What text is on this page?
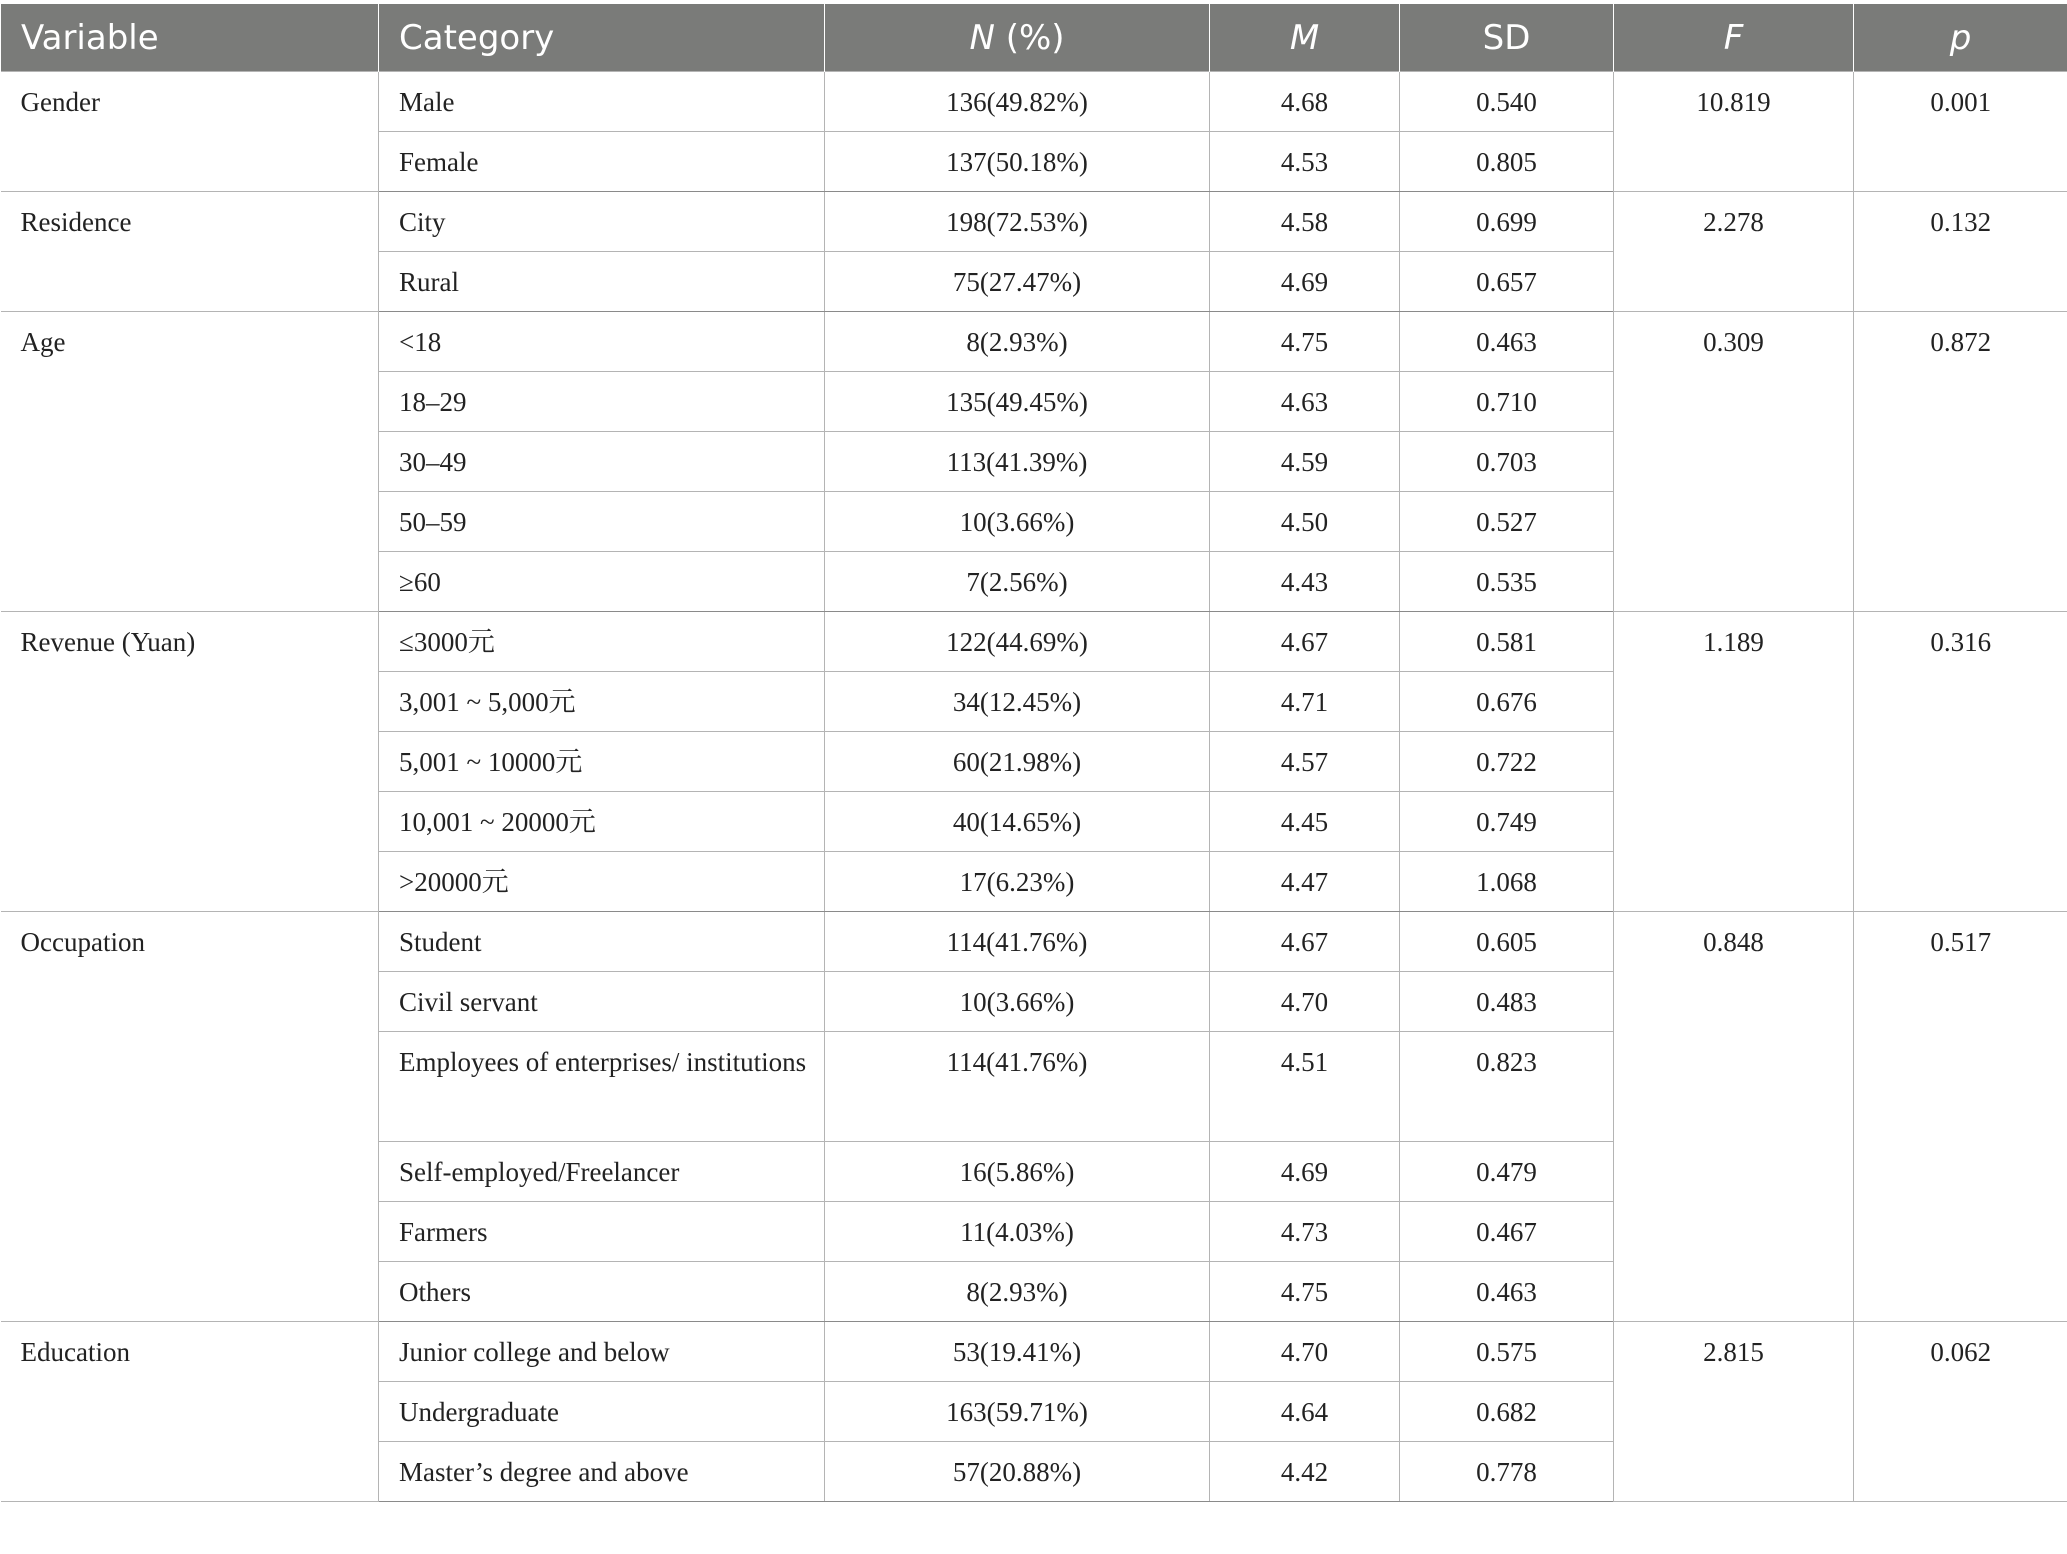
Variable	Category	N (%)	M	SD	F	p
Gender	Male	136(49.82%)	4.68	0.540	10.819	0.001
	Female	137(50.18%)	4.53	0.805		
Residence	City	198(72.53%)	4.58	0.699	2.278	0.132
	Rural	75(27.47%)	4.69	0.657		
Age	<18	8(2.93%)	4.75	0.463	0.309	0.872
	18–29	135(49.45%)	4.63	0.710		
	30–49	113(41.39%)	4.59	0.703		
	50–59	10(3.66%)	4.50	0.527		
	≥60	7(2.56%)	4.43	0.535		
Revenue (Yuan)	≤3000元	122(44.69%)	4.67	0.581	1.189	0.316
	3,001 ~ 5,000元	34(12.45%)	4.71	0.676		
	5,001 ~ 10000元	60(21.98%)	4.57	0.722		
	10,001 ~ 20000元	40(14.65%)	4.45	0.749		
	>20000元	17(6.23%)	4.47	1.068		
Occupation	Student	114(41.76%)	4.67	0.605	0.848	0.517
	Civil servant	10(3.66%)	4.70	0.483		
	Employees of enterprises/ institutions	114(41.76%)	4.51	0.823		
	Self-employed/Freelancer	16(5.86%)	4.69	0.479		
	Farmers	11(4.03%)	4.73	0.467		
	Others	8(2.93%)	4.75	0.463		
Education	Junior college and below	53(19.41%)	4.70	0.575	2.815	0.062
	Undergraduate	163(59.71%)	4.64	0.682		
	Master’s degree and above	57(20.88%)	4.42	0.778		
